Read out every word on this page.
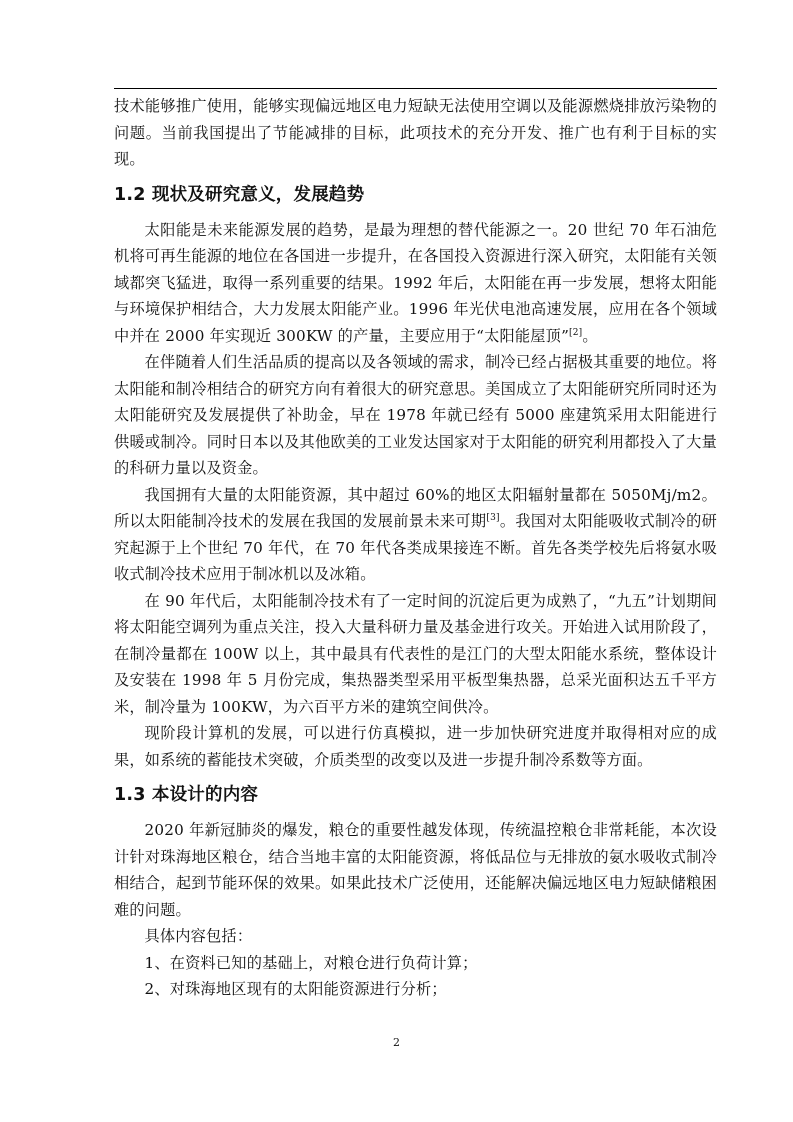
技术能够推广使用，能够实现偏远地区电力短缺无法使用空调以及能源燃烧排放污染物的问题。当前我国提出了节能减排的目标，此项技术的充分开发、推广也有利于目标的实现。

1.2 现状及研究意义，发展趋势

太阳能是未来能源发展的趋势，是最为理想的替代能源之一。20 世纪 70 年石油危机将可再生能源的地位在各国进一步提升，在各国投入资源进行深入研究，太阳能有关领域都突飞猛进，取得一系列重要的结果。1992 年后，太阳能在再一步发展，想将太阳能与环境保护相结合，大力发展太阳能产业。1996 年光伏电池高速发展，应用在各个领域中并在 2000 年实现近 300KW 的产量，主要应用于“太阳能屋顶”[2]。

在伴随着人们生活品质的提高以及各领域的需求，制冷已经占据极其重要的地位。将太阳能和制冷相结合的研究方向有着很大的研究意思。美国成立了太阳能研究所同时还为太阳能研究及发展提供了补助金，早在 1978 年就已经有 5000 座建筑采用太阳能进行供暖或制冷。同时日本以及其他欧美的工业发达国家对于太阳能的研究利用都投入了大量的科研力量以及资金。

我国拥有大量的太阳能资源，其中超过 60%的地区太阳辐射量都在 5050Mj/m2。所以太阳能制冷技术的发展在我国的发展前景未来可期[3]。我国对太阳能吸收式制冷的研究起源于上个世纪 70 年代，在 70 年代各类成果接连不断。首先各类学校先后将氨水吸收式制冷技术应用于制冰机以及冰箱。

在 90 年代后，太阳能制冷技术有了一定时间的沉淀后更为成熟了，“九五”计划期间将太阳能空调列为重点关注，投入大量科研力量及基金进行攻关。开始进入试用阶段了，在制冷量都在 100W 以上，其中最具有代表性的是江门的大型太阳能水系统，整体设计及安装在 1998 年 5 月份完成，集热器类型采用平板型集热器，总采光面积达五千平方米，制冷量为 100KW，为六百平方米的建筑空间供冷。

现阶段计算机的发展，可以进行仿真模拟，进一步加快研究进度并取得相对应的成果，如系统的蓄能技术突破，介质类型的改变以及进一步提升制冷系数等方面。

1.3 本设计的内容

2020 年新冠肺炎的爆发，粮仓的重要性越发体现，传统温控粮仓非常耗能，本次设计针对珠海地区粮仓，结合当地丰富的太阳能资源，将低品位与无排放的氨水吸收式制冷相结合，起到节能环保的效果。如果此技术广泛使用，还能解决偏远地区电力短缺储粮困难的问题。

具体内容包括：

1、在资料已知的基础上，对粮仓进行负荷计算；

2、对珠海地区现有的太阳能资源进行分析；

2
